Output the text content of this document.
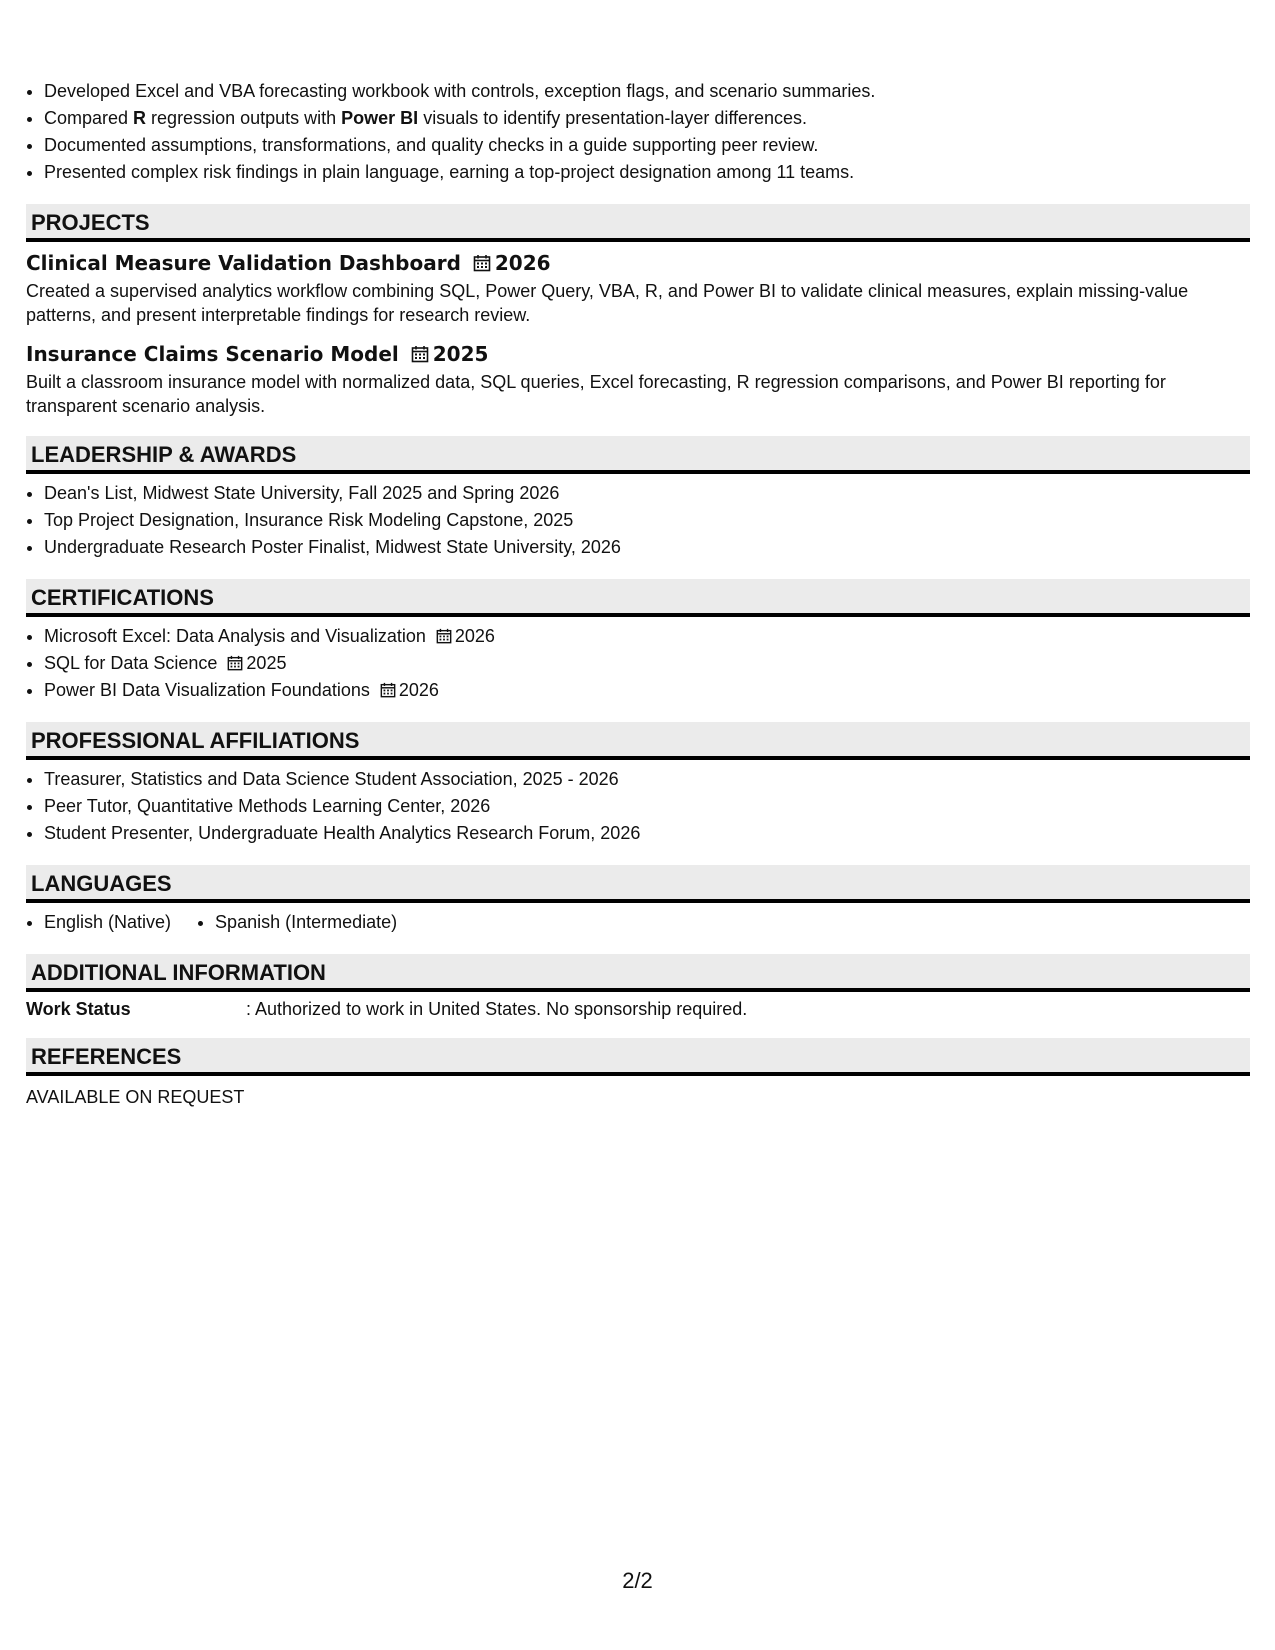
• Developed Excel and VBA forecasting workbook with controls, exception flags, and scenario summaries.
• Compared R regression outputs with Power BI visuals to identify presentation-layer differences.
• Documented assumptions, transformations, and quality checks in a guide supporting peer review.
• Presented complex risk findings in plain language, earning a top-project designation among 11 teams.
PROJECTS
Clinical Measure Validation Dashboard 2026
Created a supervised analytics workflow combining SQL, Power Query, VBA, R, and Power BI to validate clinical measures, explain missing-value patterns, and present interpretable findings for research review.
Insurance Claims Scenario Model 2025
Built a classroom insurance model with normalized data, SQL queries, Excel forecasting, R regression comparisons, and Power BI reporting for transparent scenario analysis.
LEADERSHIP & AWARDS
• Dean's List, Midwest State University, Fall 2025 and Spring 2026
• Top Project Designation, Insurance Risk Modeling Capstone, 2025
• Undergraduate Research Poster Finalist, Midwest State University, 2026
CERTIFICATIONS
• Microsoft Excel: Data Analysis and Visualization 2026
• SQL for Data Science 2025
• Power BI Data Visualization Foundations 2026
PROFESSIONAL AFFILIATIONS
• Treasurer, Statistics and Data Science Student Association, 2025 - 2026
• Peer Tutor, Quantitative Methods Learning Center, 2026
• Student Presenter, Undergraduate Health Analytics Research Forum, 2026
LANGUAGES
• English (Native)
• Spanish (Intermediate)
ADDITIONAL INFORMATION
Work Status	: Authorized to work in United States. No sponsorship required.
REFERENCES
AVAILABLE ON REQUEST
2/2
